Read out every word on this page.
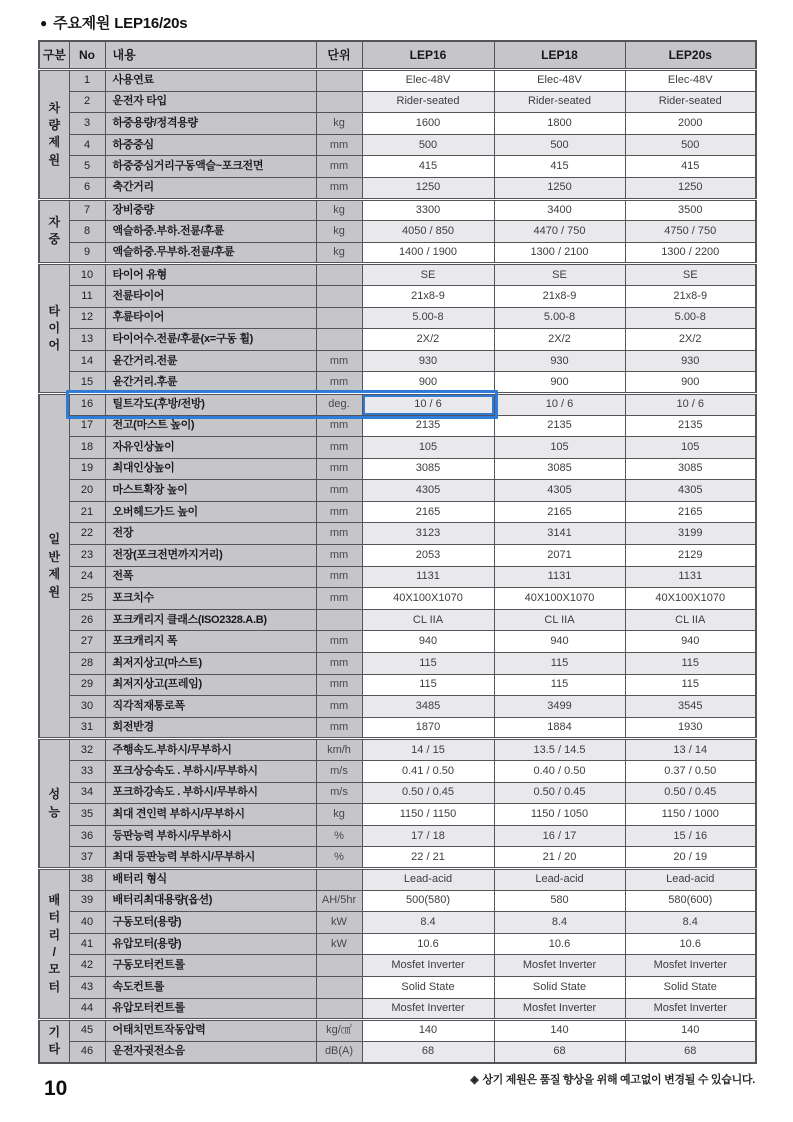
● 주요제원 LEP16/20s
구분	No	내용	단위	LEP16	LEP18	LEP20s

차
량
제
원	1	사용연료		Elec-48V	Elec-48V	Elec-48V
	2	운전자 타입		Rider-seated	Rider-seated	Rider-seated
	3	하중용량/정격용량	kg	1600	1800	2000
	4	하중중심	mm	500	500	500
	5	하중중심거리구동액슬~포크전면	mm	415	415	415
	6	축간거리	mm	1250	1250	1250

자
중	7	장비중량	kg	3300	3400	3500
	8	액슬하중.부하.전륜/후륜	kg	4050 / 850	4470 / 750	4750 / 750
	9	액슬하중.무부하.전륜/후륜	kg	1400 / 1900	1300 / 2100	1300 / 2200

타
이
어	10	타이어 유형		SE	SE	SE
	11	전륜타이어		21x8-9	21x8-9	21x8-9
	12	후륜타이어		5.00-8	5.00-8	5.00-8
	13	타이어수.전륜/후륜(x=구동 휠)		2X/2	2X/2	2X/2
	14	윤간거리.전륜	mm	930	930	930
	15	윤간거리.후륜	mm	900	900	900

일
반
제
원	16	틸트각도(후방/전방)	deg.	10 / 6	10 / 6	10 / 6
	17	전고(마스트 높이)	mm	2135	2135	2135
	18	자유인상높이	mm	105	105	105
	19	최대인상높이	mm	3085	3085	3085
	20	마스트확장 높이	mm	4305	4305	4305
	21	오버헤드가드 높이	mm	2165	2165	2165
	22	전장	mm	3123	3141	3199
	23	전장(포크전면까지거리)	mm	2053	2071	2129
	24	전폭	mm	1131	1131	1131
	25	포크치수	mm	40X100X1070	40X100X1070	40X100X1070
	26	포크캐리지 클래스(ISO2328.A.B)		CL IIA	CL IIA	CL IIA
	27	포크캐리지 폭	mm	940	940	940
	28	최저지상고(마스트)	mm	115	115	115
	29	최저지상고(프레임)	mm	115	115	115
	30	직각적재통로폭	mm	3485	3499	3545
	31	회전반경	mm	1870	1884	1930

성
능	32	주행속도.부하시/무부하시	km/h	14 / 15	13.5 / 14.5	13 / 14
	33	포크상승속도 . 부하시/무부하시	m/s	0.41 / 0.50	0.40 / 0.50	0.37 / 0.50
	34	포크하강속도 . 부하시/무부하시	m/s	0.50 / 0.45	0.50 / 0.45	0.50 / 0.45
	35	최대 견인력 부하시/무부하시	kg	1150 / 1150	1150 / 1050	1150 / 1000
	36	등판능력 부하시/무부하시	%	17 / 18	16 / 17	15 / 16
	37	최대 등판능력 부하시/무부하시	%	22 / 21	21 / 20	20 / 19

배
터
리
/
모
터
	38	배터리 형식		Lead-acid	Lead-acid	Lead-acid
	39	배터리최대용량(옵션)	AH/5hr	500(580)	580	580(600)
	40	구동모터(용량)	kW	8.4	8.4	8.4
	41	유압모터(용량)	kW	10.6	10.6	10.6
	42	구동모터컨트롤		Mosfet Inverter	Mosfet Inverter	Mosfet Inverter
	43	속도컨트롤		Solid State	Solid State	Solid State
	44	유압모터컨트롤		Mosfet Inverter	Mosfet Inverter	Mosfet Inverter

기
타	45	어태치먼트작동압력	kg/㎠	140	140	140
	46	운전자귓전소음	dB(A)	68	68	68
◈ 상기 제원은 품질 향상을 위해 예고없이 변경될 수 있습니다.
10
